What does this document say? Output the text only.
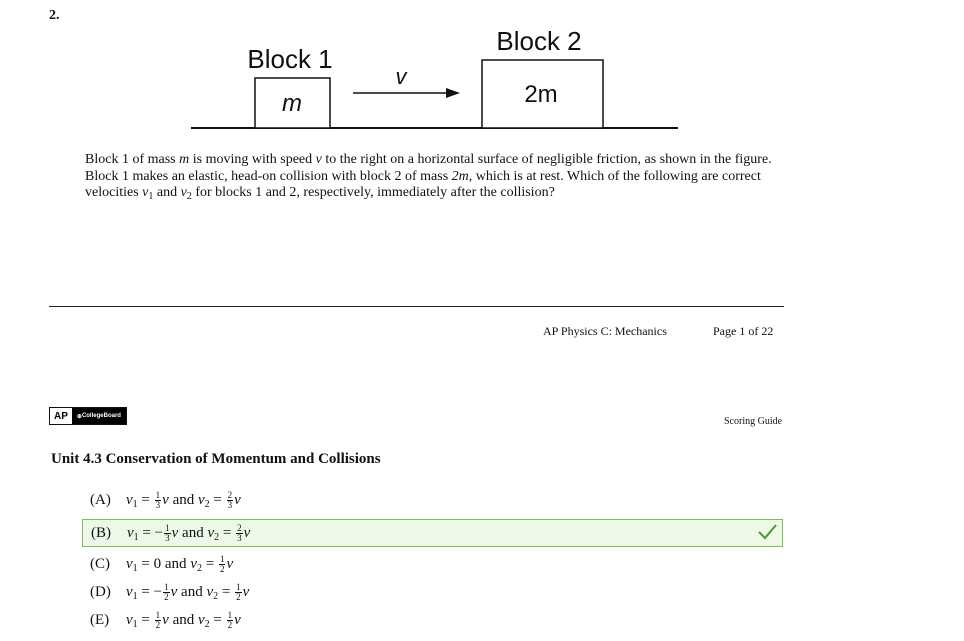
2.
Block 1
m
Block 2
2m
v
Block 1 of mass m is moving with speed v to the right on a horizontal surface of negligible friction, as shown in the figure. Block 1 makes an elastic, head-on collision with block 2 of mass 2m, which is at rest. Which of the following are correct velocities $v_1$ and $v_2$ for blocks 1 and 2, respectively, immediately after the collision?
AP Physics C: Mechanics	Page 1 of 22
AP	⊕ CollegeBoard	Scoring Guide
Unit 4.3 Conservation of Momentum and Collisions
(A)	$v_1 = \frac{1}{3}$ v and $v_2 = \frac{2}{3}$ v
(B)	$v_1$ = − $\frac{1}{3}$ v and $v_2 = \frac{2}{3}$ v
(C)	$v_1 = 0$ and $v_2 = \frac{1}{2}$ v
(D)	$v_1$ = − $\frac{1}{2}$ v and $v_2 = \frac{1}{2}$ v
(E)	$v_1 = \frac{1}{2}$ v and $v_2 = \frac{1}{2}$ v
